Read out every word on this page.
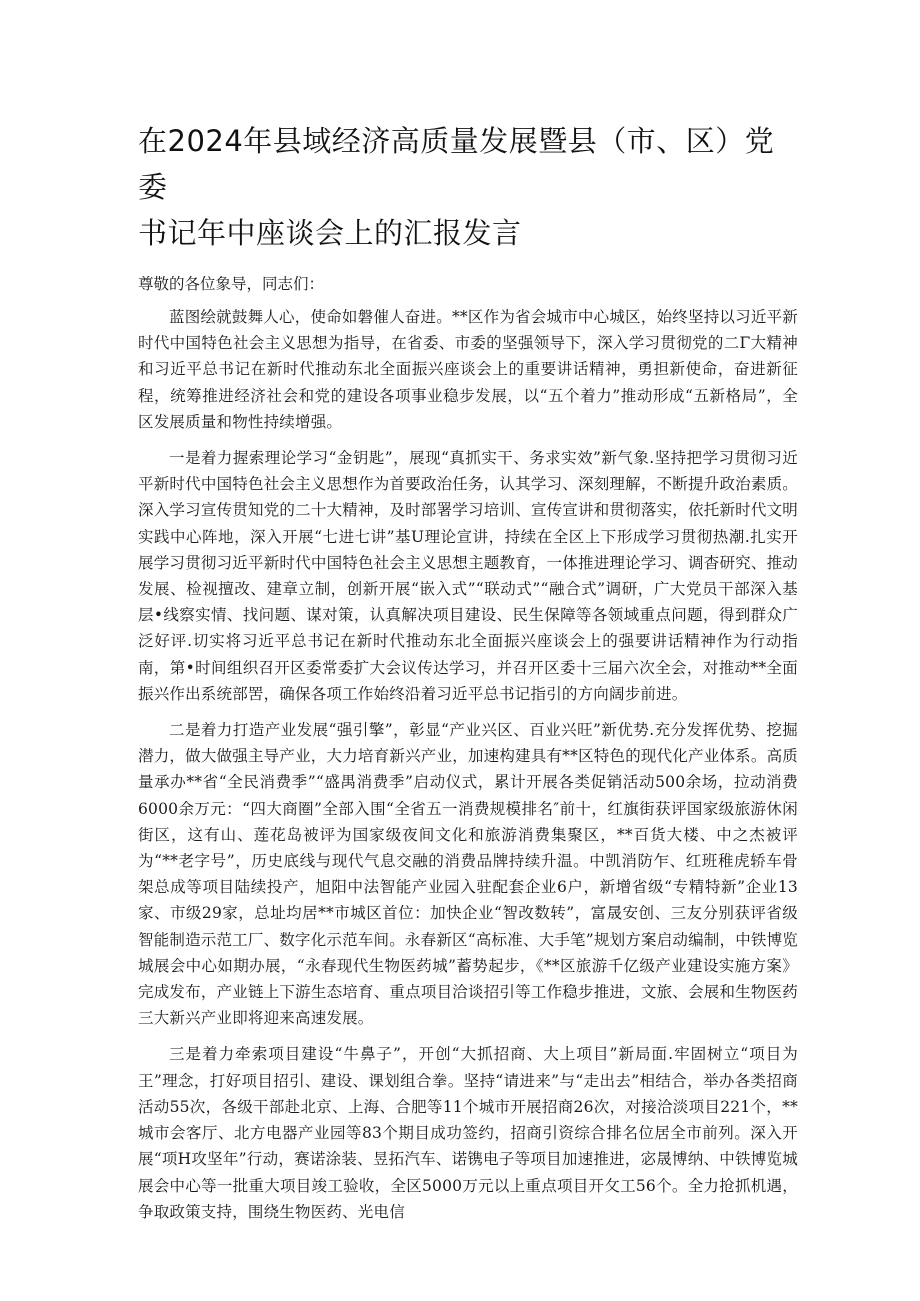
在2024年县域经济高质量发展暨县（市、区）党委
书记年中座谈会上的汇报发言

尊敬的各位象导，同志们：

蓝图绘就鼓舞人心，使命如磐催人奋进。**区作为省会城市中心城区，始终坚持以习近平新时代中国特色社会主义思想为指导，在省委、市委的坚强领导下，深入学习贯彻党的二Γ大精神和习近平总书记在新时代推动东北全面振兴座谈会上的重要讲话精神，勇担新使命，奋进新征程，统筹推进经济社会和党的建设各项事业稳步发展，以“五个着力”推动形成“五新格局”，全区发展质量和物性持续增强。

一是着力握索理论学习“金钥匙”，展现“真抓实干、务求实效”新气象.坚持把学习贯彻习近平新时代中国特色社会主义思想作为首要政治任务，认其学习、深刻理解，不断提升政治素质。深入学习宣传贯知党的二十大精神，及时部署学习培训、宣传宣讲和贯彻落实，依托新时代文明实践中心阵地，深入开展“七进七讲”基U理论宣讲，持续在全区上下形成学习贯彻热潮.扎实开展学习贯彻习近平新时代中国特色社会主义思想主题教育，一体推进理论学习、调杳研究、推动发展、检视擅改、建章立制，创新开展“嵌入式”“联动式”“融合式”调研，广大党员干部深入基层•线察实情、找问题、谋对策，认真解决项目建设、民生保障等各领域重点问题，得到群众广泛好评.切实将习近平总书记在新时代推动东北全面振兴座谈会上的强要讲话精神作为行动指南，第•时间组织召开区委常委扩大会议传达学习，并召开区委十三届六次全会，对推动**全面振兴作出系统部罟，确保各项工作始终沿着习近平总书记指引的方向阔步前进。

二是着力打造产业发展“强引擎”，彰显“产业兴区、百业兴旺”新优势.充分发挥优势、挖掘潜力，做大做强主导产业，大力培育新兴产业，加速构建具有**区特色的现代化产业体系。高质量承办**省“全民消费季”“盛禺消费季”启动仪式，累计开展各类促销活动500余场，拉动消费6000余万元：“四大商圈”全部入围“全省五一消费规模排名″前十，红旗街获评国家级旅游休闲街区，这有山、莲花岛被评为国家级夜间文化和旅游消费集聚区，**百货大楼、中之杰被评为“**老字号”，历史底线与现代气息交融的消费品牌持续升温。中凯消防乍、红班稚虎轿车骨架总成等项目陆续投产，旭阳中法智能产业园入驻配套企业6户，新增省级“专精特新”企业13家、市级29家，总址均居**市城区首位：加快企业“智改数转”，富晟安创、三友分别获评省级智能制造示范工厂、数字化示范车间。永春新区“高标准、大手笔”规划方案启动编制，中铁博览城展会中心如期办展，“永春现代生物医药城”蓄势起步，《**区旅游千亿级产业建设实施方案》完成发布，产业链上下游生态培育、重点项目洽谈招引等工作稳步推进，文旅、会展和生物医药三大新兴产业即将迎来高速发展。

三是着力牵索项目建设“牛鼻子”，开创“大抓招商、大上项目”新局面.牢固树立“项目为王”理念，打好项目招引、建设、课划组合拳。坚持“请进来”与“走出去”相结合，举办各类招商活动55次，各级干部赴北京、上海、合肥等11个城市开展招商26次，对接洽淡项目221个，**城市会客厅、北方电器产业园等83个期目成功签约，招商引资综合排名位居全市前列。深入开展“项H攻坚年”行动，赛诺涂装、昱拓汽车、诺镌电子等项目加速推进，宓晟博纳、中铁博览城展会中心等一批重大项目竣工验收，全区5000万元以上重点项目开攵工56个。全力抢抓机遇，争取政策支持，围绕生物医药、光电信
